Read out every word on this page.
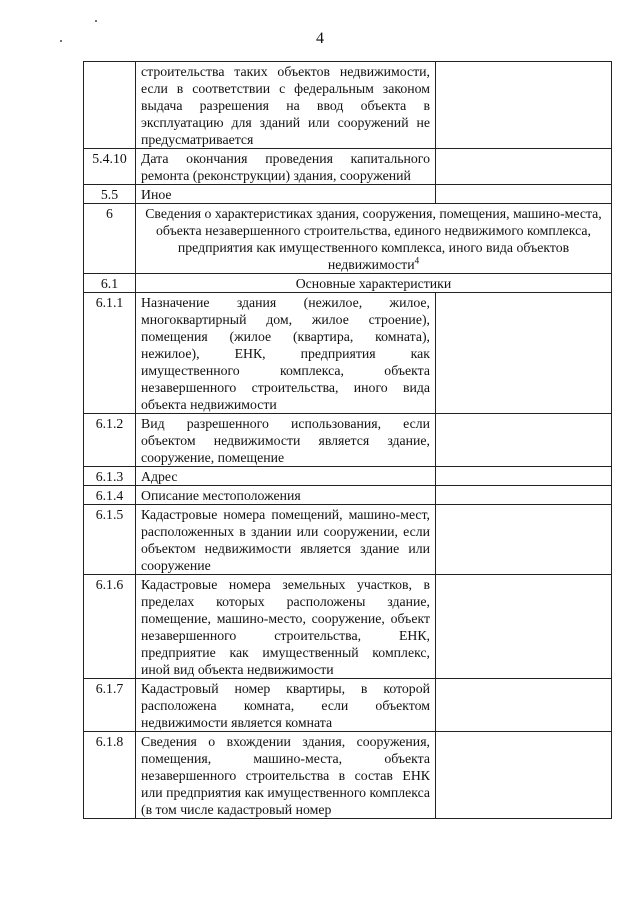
4
	строительства таких объектов недвижимости, если в соответствии с федеральным законом выдача разрешения на ввод объекта в эксплуатацию для зданий или сооружений не предусматривается	
5.4.10	Дата окончания проведения капитального ремонта (реконструкции) здания, сооружений	
5.5	Иное	
6	Сведения о характеристиках здания, сооружения, помещения, машино-места, объекта незавершенного строительства, единого недвижимого комплекса, предприятия как имущественного комплекса, иного вида объектов недвижимости$^4$
6.1	Основные характеристики	
6.1.1	Назначение здания (нежилое, жилое, многоквартирный дом, жилое строение), помещения (жилое (квартира, комната), нежилое), ЕНК, предприятия как имущественного комплекса, объекта незавершенного строительства, иного вида объекта недвижимости	
6.1.2	Вид разрешенного использования, если объектом недвижимости является здание, сооружение, помещение	
6.1.3	Адрес	
6.1.4	Описание местоположения	
6.1.5	Кадастровые номера помещений, машино-мест, расположенных в здании или сооружении, если объектом недвижимости является здание или сооружение	
6.1.6	Кадастровые номера земельных участков, в пределах которых расположены здание, помещение, машино-место, сооружение, объект незавершенного строительства, ЕНК, предприятие как имущественный комплекс, иной вид объекта недвижимости	
6.1.7	Кадастровый номер квартиры, в которой расположена комната, если объектом недвижимости является комната	
6.1.8	Сведения о вхождении здания, сооружения, помещения, машино-места, объекта незавершенного строительства в состав ЕНК или предприятия как имущественного комплекса (в том числе кадастровый номер	
